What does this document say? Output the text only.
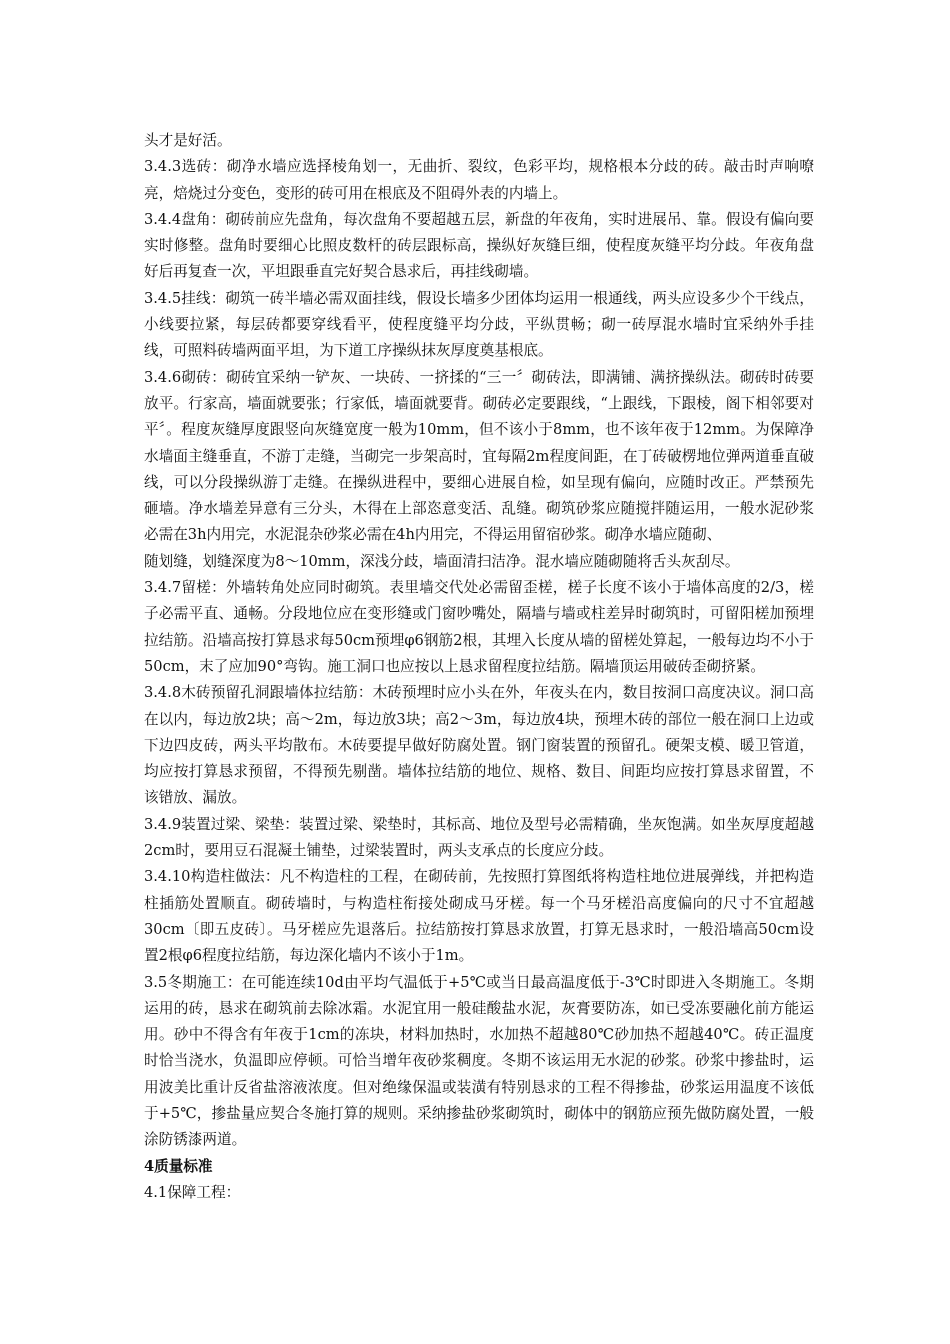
头才是好活。

3.4.3选砖：砌净水墙应选择棱角划一，无曲折、裂纹，色彩平均，规格根本分歧的砖。敲击时声响嘹亮，焙烧过分变色，变形的砖可用在根底及不阻碍外表的内墙上。

3.4.4盘角：砌砖前应先盘角，每次盘角不要超越五层，新盘的年夜角，实时进展吊、靠。假设有偏向要实时修整。盘角时要细心比照皮数杆的砖层跟标高，操纵好灰缝巨细，使程度灰缝平均分歧。年夜角盘好后再复查一次，平坦跟垂直完好契合恳求后，再挂线砌墙。

3.4.5挂线：砌筑一砖半墙必需双面挂线，假设长墙多少团体均运用一根通线，两头应设多少个干线点，小线要拉紧，每层砖都要穿线看平，使程度缝平均分歧，平纵贯畅；砌一砖厚混水墙时宜采纳外手挂线，可照料砖墙两面平坦，为下道工序操纵抹灰厚度奠基根底。

3.4.6砌砖：砌砖宜采纳一铲灰、一块砖、一挤揉的“三一〞砌砖法，即满铺、满挤操纵法。砌砖时砖要放平。行家高，墙面就要张；行家低，墙面就要背。砌砖必定要跟线，“上跟线，下跟棱，阁下相邻要对平〞。程度灰缝厚度跟竖向灰缝宽度一般为10mm，但不该小于8mm，也不该年夜于12mm。为保障净水墙面主缝垂直，不游丁走缝，当砌完一步架高时，宜每隔2m程度间距，在丁砖破楞地位弹两道垂直破线，可以分段操纵游丁走缝。在操纵进程中，要细心进展自检，如呈现有偏向，应随时改正。严禁预先砸墙。净水墙差异意有三分头，木得在上部恣意变活、乱缝。砌筑砂浆应随搅拌随运用，一般水泥砂浆必需在3h内用完，水泥混杂砂浆必需在4h内用完，不得运用留宿砂浆。砌净水墙应随砌、

随划缝，划缝深度为8～10mm，深浅分歧，墙面清扫洁净。混水墙应随砌随将舌头灰刮尽。

3.4.7留槎：外墙转角处应同时砌筑。表里墙交代处必需留歪槎，槎子长度不该小于墙体高度的2/3，槎子必需平直、通畅。分段地位应在变形缝或门窗吵嘴处，隔墙与墙或柱差异时砌筑时，可留阳槎加预埋拉结筋。沿墙高按打算恳求每50cm预埋φ6钢筋2根，其埋入长度从墙的留槎处算起，一般每边均不小于50cm，末了应加90°弯钩。施工洞口也应按以上恳求留程度拉结筋。隔墙顶运用破砖歪砌挤紧。

3.4.8木砖预留孔洞跟墙体拉结筋：木砖预埋时应小头在外，年夜头在内，数目按洞口高度决议。洞口高在以内，每边放2块；高～2m，每边放3块；高2～3m，每边放4块，预埋木砖的部位一般在洞口上边或下边四皮砖，两头平均散布。木砖要提早做好防腐处置。钢门窗装置的预留孔。硬架支模、暖卫管道，均应按打算恳求预留，不得预先剔凿。墙体拉结筋的地位、规格、数目、间距均应按打算恳求留置，不该错放、漏放。

3.4.9装置过梁、梁垫：装置过梁、梁垫时，其标高、地位及型号必需精确，坐灰饱满。如坐灰厚度超越2cm时，要用豆石混凝土铺垫，过梁装置时，两头支承点的长度应分歧。

3.4.10构造柱做法：凡不构造柱的工程，在砌砖前，先按照打算图纸将构造柱地位进展弹线，并把构造柱插筋处置顺直。砌砖墙时，与构造柱衔接处砌成马牙槎。每一个马牙槎沿高度偏向的尺寸不宜超越30cm〔即五皮砖〕。马牙槎应先退落后。拉结筋按打算恳求放置，打算无恳求时，一般沿墙高50cm设置2根φ6程度拉结筋，每边深化墙内不该小于1m。

3.5冬期施工：在可能连续10d由平均气温低于+5℃或当日最高温度低于-3℃时即进入冬期施工。冬期运用的砖，恳求在砌筑前去除冰霜。水泥宜用一般硅酸盐水泥，灰膏要防冻，如已受冻要融化前方能运用。砂中不得含有年夜于1cm的冻块，材料加热时，水加热不超越80℃砂加热不超越40℃。砖正温度时恰当浇水，负温即应停顿。可恰当增年夜砂浆稠度。冬期不该运用无水泥的砂浆。砂浆中掺盐时，运用波美比重计反省盐溶液浓度。但对绝缘保温或装潢有特别恳求的工程不得掺盐，砂浆运用温度不该低于+5℃，掺盐量应契合冬施打算的规则。采纳掺盐砂浆砌筑时，砌体中的钢筋应预先做防腐处置，一般涂防锈漆两道。

4质量标准

4.1保障工程：
